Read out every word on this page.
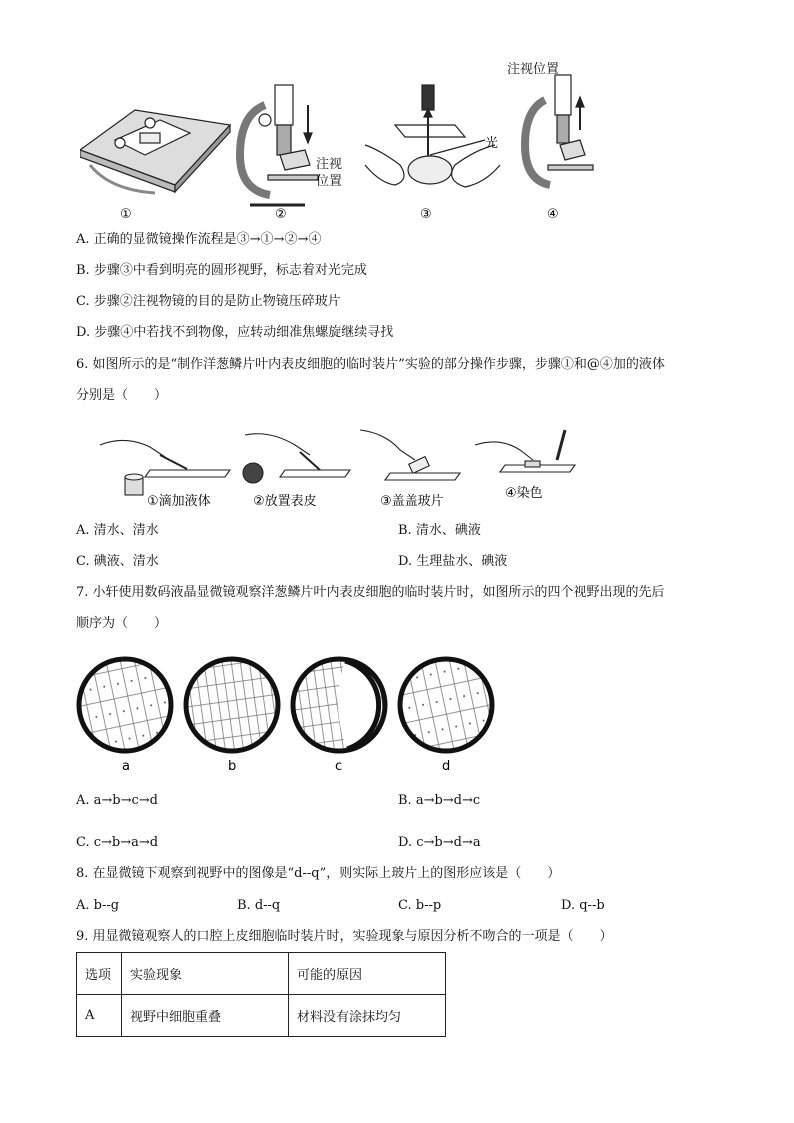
注视
位置
光
注视位置
①	②	③	④
A. 正确的显微镜操作流程是③→①→②→④
B. 步骤③中看到明亮的圆形视野，标志着对光完成
C. 步骤②注视物镜的目的是防止物镜压碎玻片
D. 步骤④中若找不到物像，应转动细准焦螺旋继续寻找
6. 如图所示的是“制作洋葱鳞片叶内表皮细胞的临时装片”实验的部分操作步骤，步骤①和@④加的液体
分别是（　　）
①滴加液体	②放置表皮	③盖盖玻片
④染色
A. 清水、清水	B. 清水、碘液
C. 碘液、清水	D. 生理盐水、碘液
7. 小轩使用数码液晶显微镜观察洋葱鳞片叶内表皮细胞的临时装片时，如图所示的四个视野出现的先后
顺序为（　　）
a	b	c	d
A. a→b→c→d	B. a→b→d→c
C. c→b→a→d	D. c→b→d→a
8. 在显微镜下观察到视野中的图像是“d--q”，则实际上玻片上的图形应该是（　　）
A. b--g	B. d--q	C. b--p	D. q--b
9. 用显微镜观察人的口腔上皮细胞临时装片时，实验现象与原因分析不吻合的一项是（　　）
选项	实验现象	可能的原因
A	视野中细胞重叠	材料没有涂抹均匀
